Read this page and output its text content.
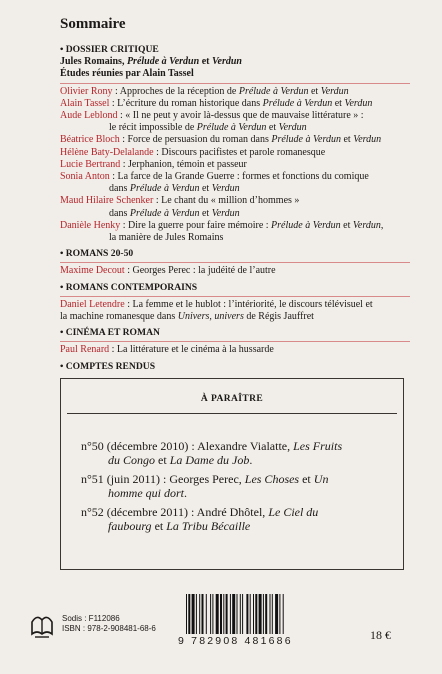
Sommaire
• DOSSIER CRITIQUE
Jules Romains, Prélude à Verdun et Verdun
Études réunies par Alain Tassel
Olivier Rony : Approches de la réception de Prélude à Verdun et Verdun
Alain Tassel : L’écriture du roman historique dans Prélude à Verdun et Verdun
Aude Leblond : « Il ne peut y avoir là-dessus que de mauvaise littérature » :
le récit impossible de Prélude à Verdun et Verdun
Béatrice Bloch : Force de persuasion du roman dans Prélude à Verdun et Verdun
Hélène Baty-Delalande : Discours pacifistes et parole romanesque
Lucie Bertrand : Jerphanion, témoin et passeur
Sonia Anton : La farce de la Grande Guerre : formes et fonctions du comique
dans Prélude à Verdun et Verdun
Maud Hilaire Schenker : Le chant du « million d’hommes »
dans Prélude à Verdun et Verdun
Danièle Henky : Dire la guerre pour faire mémoire : Prélude à Verdun et Verdun,
la manière de Jules Romains
• ROMANS 20-50
Maxime Decout : Georges Perec : la judéité de l’autre
• ROMANS CONTEMPORAINS
Daniel Letendre : La femme et le hublot : l’intériorité, le discours télévisuel et
la machine romanesque dans Univers, univers de Régis Jauffret
• CINÉMA ET ROMAN
Paul Renard : La littérature et le cinéma à la hussarde
• COMPTES RENDUS
À PARAÎTRE
n°50 (décembre 2010) : Alexandre Vialatte, Les Fruits
du Congo et La Dame du Job.
n°51 (juin 2011) : Georges Perec, Les Choses et Un
homme qui dort.
n°52 (décembre 2011) : André Dhôtel, Le Ciel du
faubourg et La Tribu Bécaille
Sodis : F112086
ISBN : 978-2-908481-68-6
9 782908 481686	18 €
